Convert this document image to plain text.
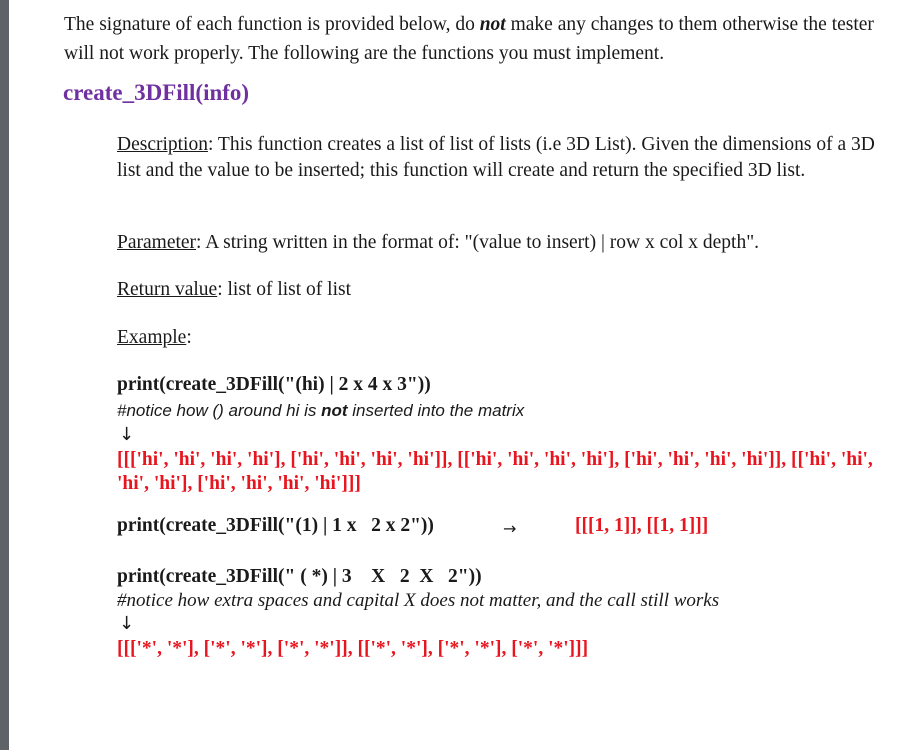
The signature of each function is provided below, do not make any changes to them otherwise the tester will not work properly. The following are the functions you must implement.

create_3DFill(info)

Description: This function creates a list of list of lists (i.e 3D List). Given the dimensions of a 3D list and the value to be inserted; this function will create and return the specified 3D list.

Parameter: A string written in the format of: "(value to insert) | row x col x depth".

Return value: list of list of list

Example:

print(create_3DFill("(hi) | 2 x 4 x 3"))

#notice how () around hi is not inserted into the matrix

↓

[[['hi', 'hi', 'hi', 'hi'], ['hi', 'hi', 'hi', 'hi']], [['hi', 'hi', 'hi', 'hi'], ['hi', 'hi', 'hi', 'hi']], [['hi', 'hi', 'hi', 'hi'], ['hi', 'hi', 'hi', 'hi']]]

print(create_3DFill("(1) | 1 x   2 x 2"))	→	[[[1, 1]], [[1, 1]]]

print(create_3DFill(" ( *) | 3    X   2  X   2"))

#notice how extra spaces and capital X does not matter, and the call still works

↓

[[['*', '*'], ['*', '*'], ['*', '*']], [['*', '*'], ['*', '*'], ['*', '*']]]
